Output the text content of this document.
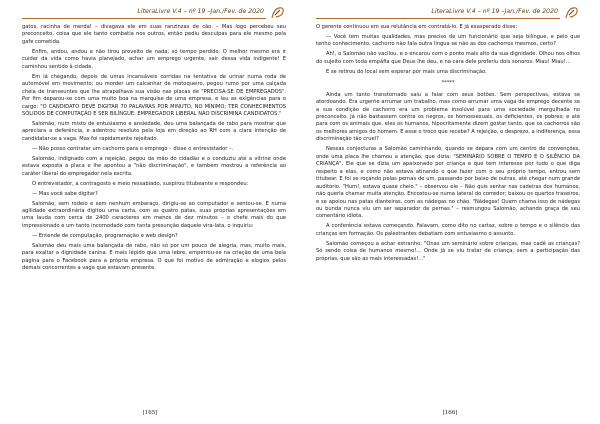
LiteraLivre V.4 – nº 19 –Jan./Fev. de 2020

gatos, racinha de merda! – divagava ele em suas ranzinzas de cão. – Mas logo percebeu seu preconceito, coisa que ele tanto combatia nos outros, então pediu desculpas para ele mesmo pela gafe cometida.

Enfim, andou, andou e não tirou proveito de nada; só tempo perdido. O melhor mesmo era ir cuidar da vida como havia planejado, achar um emprego urgente, sair dessa vida indigente! E caminhou sentido à cidade.

Em lá chegando, depois de umas incansáveis corridas na tentativa de urinar numa roda de automóvel em movimento; ou morder um calcanhar de motoqueiro, pegou rumo por uma calçada cheia de transeuntes que lhe atrapalhava sua visão nas placas de "PRECISA-SE DE EMPREGADOS". Por fim deparou-se com uma muito boa na marquise de uma empresa, e leu as exigências para o cargo: "O CANDIDATO DEVE DIGITAR 70 PALAVRAS POR MINUTO, NO MÍNIMO; TER CONHECIMENTOS SÓLIDOS DE COMPUTAÇÃO E SER BILÍNGUE. EMPREGADOR LIBERAL NÃO DISCRIMINA CANDIDATOS."

Salomão, num misto de entusiasmo e ansiedade, deu uma balançada de rabo para mostrar que apreciara a deferência, e adentrou resoluto pela loja em direção ao RH com a clara intenção de candidatar-se a vaga. Mas foi rapidamente rejeitado.

— Não posso contratar um cachorro para o emprego – disse o entrevistador –.

Salomão, indignado com a rejeição, pegou da mão do cidadão e o conduziu até a vitrine onde estava exposta a placa e lhe apontou a "não discriminação", e também mostrou a referência ao caráter liberal do empregador nela escrita.

O entrevistador, a contragosto e meio ressabiado, suspirou titubeante e respondeu:

— Mas você sabe digitar?

Salomão, sem rodeio e sem nenhum embaraço, dirigiu-se ao computador e sentou-se. E numa agilidade extraordinária digitou uma carta, com as quatro patas, suas próprias apresentações em uma lauda com cerca de 2400 caracteres em menos de dez minutos – o chefe mais do que impressionado e um tanto incomodado com tanta presunção daquele vira-lata, o inquiriu:

— Entende de computação, programação e web design?

Salomão deu mais uma balançada de rabo, não só por um pouco de alegria, mas, muito mais, para exaltar a dignidade canina. E mais lépido que uma lebre, emperrou-se na criação de uma bela página para o Facebook para a própria empresa. O que foi motivo de admiração e elogios pelos demais concorrentes a vaga que estavam presente.

[165]
LiteraLivre V.4 – nº 19 –Jan./Fev. de 2020

O gerente continuou em sua relutância em contratá-lo. E já exasperado disse:

— Você tem muitas qualidades, mas preciso de um funcionário que seja bilíngue, e pelo que tenho conhecimento, cachorro não fala outra língua se não as dos cachorros mesmos, certo?

Ah!, o Salomão não vacilou, e o encarou com o ponto mais alto da sua dignidade. Olhou nos olhos do sujeito com toda empáfia que Deus lhe deu, e na cara dele proferiu dois sonoros: Miau! Miau!...

E se retirou do local sem esperar por mais uma discriminação.

*****

Ainda um tanto transtornado saiu a falar com seus botões. Sem perspectivas, estava se atordoando. Era urgente arrumar um trabalho, mas como arrumar uma vaga de emprego decente se a sua condição de cachorro era um problema insolúvel para uma sociedade mergulhada no preconceito. Já não bastassem contra os negros, os homossexuais, os deficientes, os pobres; e até para com os animais que, eles os humanos, hipocritamente dizem gostar tanto, que os cachorros são os melhores amigos do homem. E esse o troco que recebe? A rejeição, o desprezo, a indiferença, essa discriminação tão cruel?

Nessas conjecturas a Salomão caminhando, quando se depara com um centro de convenções, onde uma placa lhe chamou a atenção, que dizia: "SEMINÁRIO SOBRE O TEMPO E O SILÊNCIO DA CRIANÇA". Ele que se dizia um apaixonado por criança e que tem interesse por tudo o que diga respeito a elas, e como não estava atinando o que fazer com o seu próprio tempo, entrou sem titubear. E foi se roçando pelas pernas de um, passando por baixo de outras, até chegar num grande auditório. "Hum!, estava quase cheio." – observou ele – Não quis sentar nas cadeiras dos humanos, não queria chamar muita atenção. Encostou-se numa lateral do corredor; baixou os quartos traseiros, e se apoiou nas patas dianteiras, com as nádegas no chão. "Nádegas! Quem chama isso de nádegas ou bunda nunca viu um ser separador de pernas." – resmungou Salomão, achando graça de seu comentário idiota.

A conferência estava começando. Falavam, como dito no cartaz, sobre o tempo e o silêncio das crianças em formação. Os palestrantes debatiam com entusiasmo o assunto.

Salomão começou a achar estranho: "Onas um seminário sobre crianças, mas cadê as crianças? Só sendo coisa de humanos mesmo!... Onde já se viu tratar de criança, sem a participação das próprias, que são as mais interessadas!..."

[166]
